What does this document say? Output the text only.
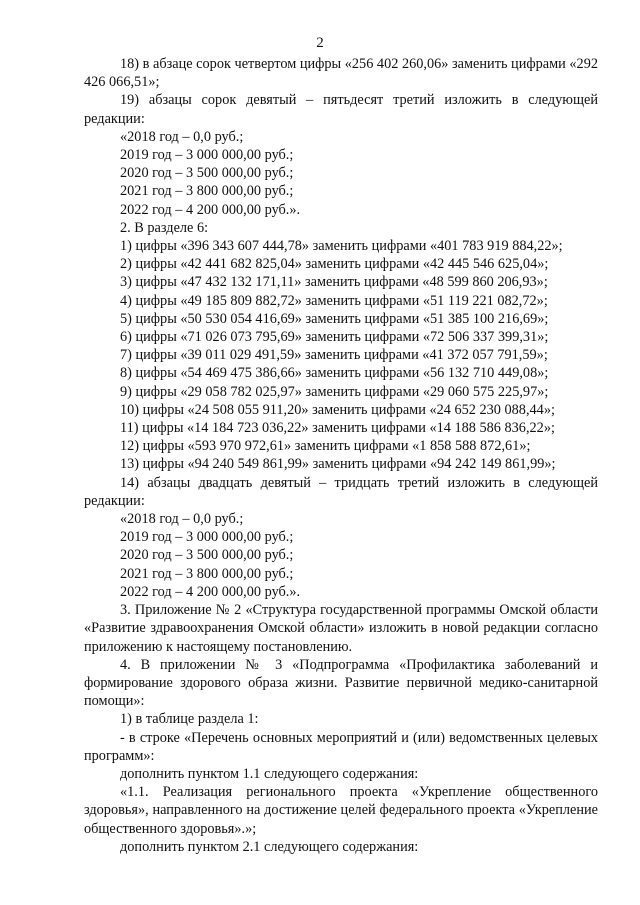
2

18) в абзаце сорок четвертом цифры «256 402 260,06» заменить цифрами «292 426 066,51»;

19) абзацы сорок девятый – пятьдесят третий изложить в следующей редакции:

«2018 год – 0,0 руб.;

2019 год – 3 000 000,00 руб.;

2020 год – 3 500 000,00 руб.;

2021 год – 3 800 000,00 руб.;

2022 год – 4 200 000,00 руб.».

2. В разделе 6:

1) цифры «396 343 607 444,78» заменить цифрами «401 783 919 884,22»;

2) цифры «42 441 682 825,04» заменить цифрами «42 445 546 625,04»;

3) цифры «47 432 132 171,11» заменить цифрами «48 599 860 206,93»;

4) цифры «49 185 809 882,72» заменить цифрами «51 119 221 082,72»;

5) цифры «50 530 054 416,69» заменить цифрами «51 385 100 216,69»;

6) цифры «71 026 073 795,69» заменить цифрами «72 506 337 399,31»;

7) цифры «39 011 029 491,59» заменить цифрами «41 372 057 791,59»;

8) цифры «54 469 475 386,66» заменить цифрами «56 132 710 449,08»;

9) цифры «29 058 782 025,97» заменить цифрами «29 060 575 225,97»;

10) цифры «24 508 055 911,20» заменить цифрами «24 652 230 088,44»;

11) цифры «14 184 723 036,22» заменить цифрами «14 188 586 836,22»;

12) цифры «593 970 972,61» заменить цифрами «1 858 588 872,61»;

13) цифры «94 240 549 861,99» заменить цифрами «94 242 149 861,99»;

14) абзацы двадцать девятый – тридцать третий изложить в следующей редакции:

«2018 год – 0,0 руб.;

2019 год – 3 000 000,00 руб.;

2020 год – 3 500 000,00 руб.;

2021 год – 3 800 000,00 руб.;

2022 год – 4 200 000,00 руб.».

3. Приложение № 2 «Структура государственной программы Омской области «Развитие здравоохранения Омской области» изложить в новой редакции согласно приложению к настоящему постановлению.

4. В приложении № 3 «Подпрограмма «Профилактика заболеваний и формирование здорового образа жизни. Развитие первичной медико-санитарной помощи»:

1) в таблице раздела 1:

- в строке «Перечень основных мероприятий и (или) ведомственных целевых программ»:

дополнить пунктом 1.1 следующего содержания:

«1.1. Реализация регионального проекта «Укрепление общественного здоровья», направленного на достижение целей федерального проекта «Укрепление общественного здоровья».»;

дополнить пунктом 2.1 следующего содержания:
